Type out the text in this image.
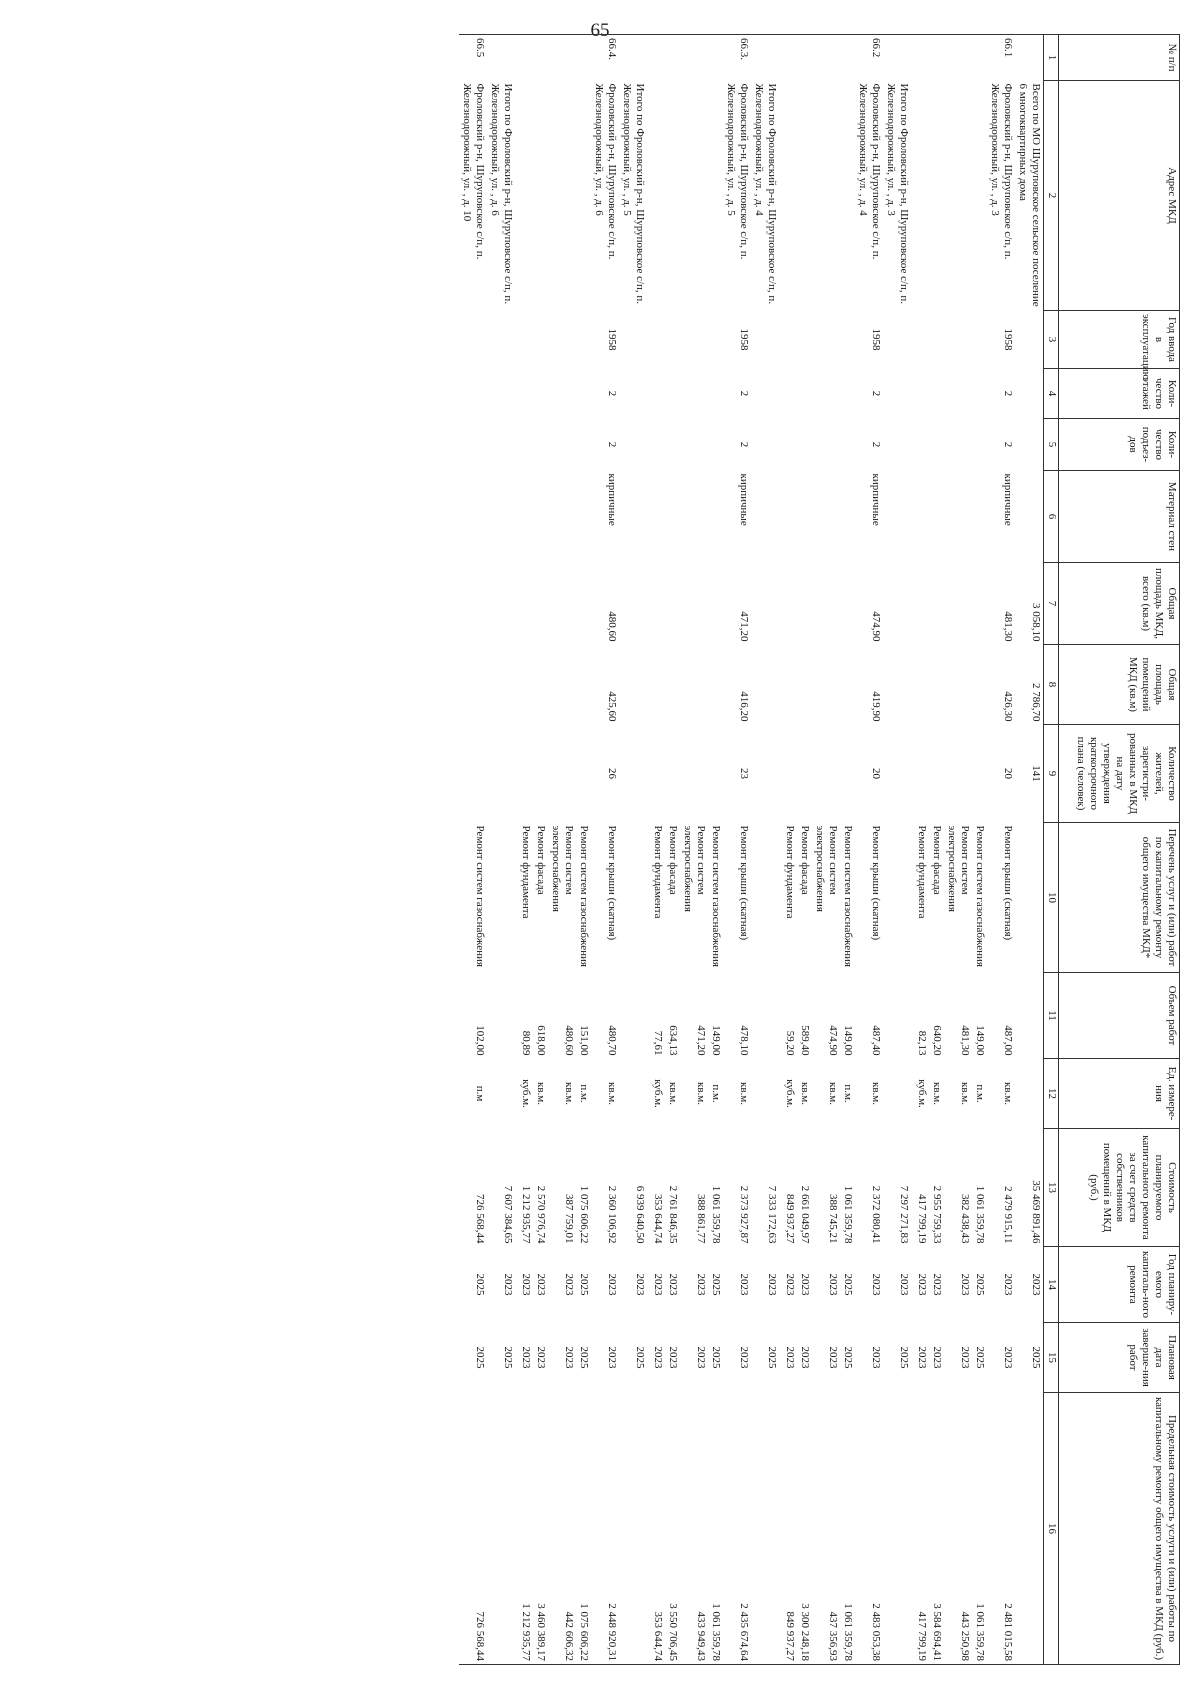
65
№ п/п	Адрес МКД	Год ввода в эксплуатацию	Коли-чество этажей	Коли-чество подъез-дов	Материал стен	Общая площадь МКД, всего (кв.м)	Общая площадь помещений МКД (кв.м)	Количество жителей, зарегистри-рованных в МКД на дату утверждения краткосрочного плана (человек)	Перечень услуг и (или) работ по капитальному ремонту общего имущества МКД*	Объем работ	Ед. измере-ния	Стоимость планируемого капитального ремонта за счет средств собственников помещений в МКД (руб.)	Год планиру-емого капиталь-ного ремонта	Плановая дата заверше-ния работ	Предельная стоимость услуги и (или) работы по капитальному ремонту общего имущества в МКД (руб.)
1	2	3	4	5	6	7	8	9	10	11	12	13	14	15	16
	Всего по МО Шуруповское сельское поселение 6 многоквартирных дома					3 058,10	2 786,70	141				35 469 891,46	2023	2025	
66.1	Фроловский р-н, Шуруповское с/п, п. Железнодорожный, ул. , д. 3	1958	2	2	кирпичные	481,30	426,30	20	Ремонт крыши (скатная)	487,00	кв.м.	2 479 915,11	2023	2023	2 481 015,58
									Ремонт систем газоснабжения	149,00	п.м.	1 061 359,78	2025	2025	1 061 359,78
									Ремонт систем электроснабжения	481,30	кв.м.	382 438,43	2023	2023	443 250,98
									Ремонт фасада	640,20	кв.м.	2 955 759,33	2023	2023	3 584 694,41
									Ремонт фундамента	82,13	куб.м.	417 799,19	2023	2023	417 799,19
	Итого по Фроловский р-н, Шуруповское с/п, п. Железнодорожный, ул. , д. 3											7 297 271,83	2023	2025	
66.2	Фроловский р-н, Шуруповское с/п, п. Железнодорожный, ул. , д. 4	1958	2	2	кирпичные	474,90	419,90	20	Ремонт крыши (скатная)	487,40	кв.м.	2 372 080,41	2023	2023	2 483 053,38
									Ремонт систем газоснабжения	149,00	п.м.	1 061 359,78	2025	2025	1 061 359,78
									Ремонт систем электроснабжения	474,90	кв.м.	388 745,21	2023	2023	437 356,93
									Ремонт фасада	589,40	кв.м.	2 661 049,97	2023	2023	3 300 248,18
									Ремонт фундамента	59,20	куб.м.	849 937,27	2023	2023	849 937,27
	Итого по Фроловский р-н, Шуруповское с/п, п. Железнодорожный, ул. , д. 4											7 333 172,63	2023	2025	
66.3.	Фроловский р-н, Шуруповское с/п, п. Железнодорожный, ул. , д. 5	1958	2	2	кирпичные	471,20	416,20	23	Ремонт крыши (скатная)	478,10	кв.м.	2 373 927,87	2023	2023	2 435 674,64
									Ремонт систем газоснабжения	149,00	п.м.	1 061 359,78	2025	2025	1 061 359,78
									Ремонт систем электроснабжения	471,20	кв.м.	388 861,77	2023	2023	433 949,43
									Ремонт фасада	634,13	кв.м.	2 761 846,35	2023	2023	3 550 706,45
									Ремонт фундамента	77,61	куб.м.	353 644,74	2023	2023	353 644,74
	Итого по Фроловский р-н, Шуруповское с/п, п. Железнодорожный, ул. , д. 5											6 939 640,50	2023	2025	
66.4.	Фроловский р-н, Шуруповское с/п, п. Железнодорожный, ул. , д. 6	1958	2	2	кирпичные	480,60	425,60	26	Ремонт крыши (скатная)	480,70	кв.м.	2 360 106,92	2023	2023	2 448 920,31
									Ремонт систем газоснабжения	151,00	п.м.	1 075 606,22	2025	2025	1 075 606,22
									Ремонт систем электроснабжения	480,60	кв.м.	387 759,01	2023	2023	442 606,32
									Ремонт фасада	618,00	кв.м.	2 570 976,74	2023	2023	3 460 389,17
									Ремонт фундамента	80,89	куб.м.	1 212 935,77	2023	2023	1 212 935,77
	Итого по Фроловский р-н, Шуруповское с/п, п. Железнодорожный, ул. , д. 6											7 607 384,65	2023	2025	
66.5	Фроловский р-н, Шуруповское с/п, п. Железнодорожный, ул. , д. 10								Ремонт систем газоснабжения	102,00	п.м	726 568,44	2025	2025	726 568,44
